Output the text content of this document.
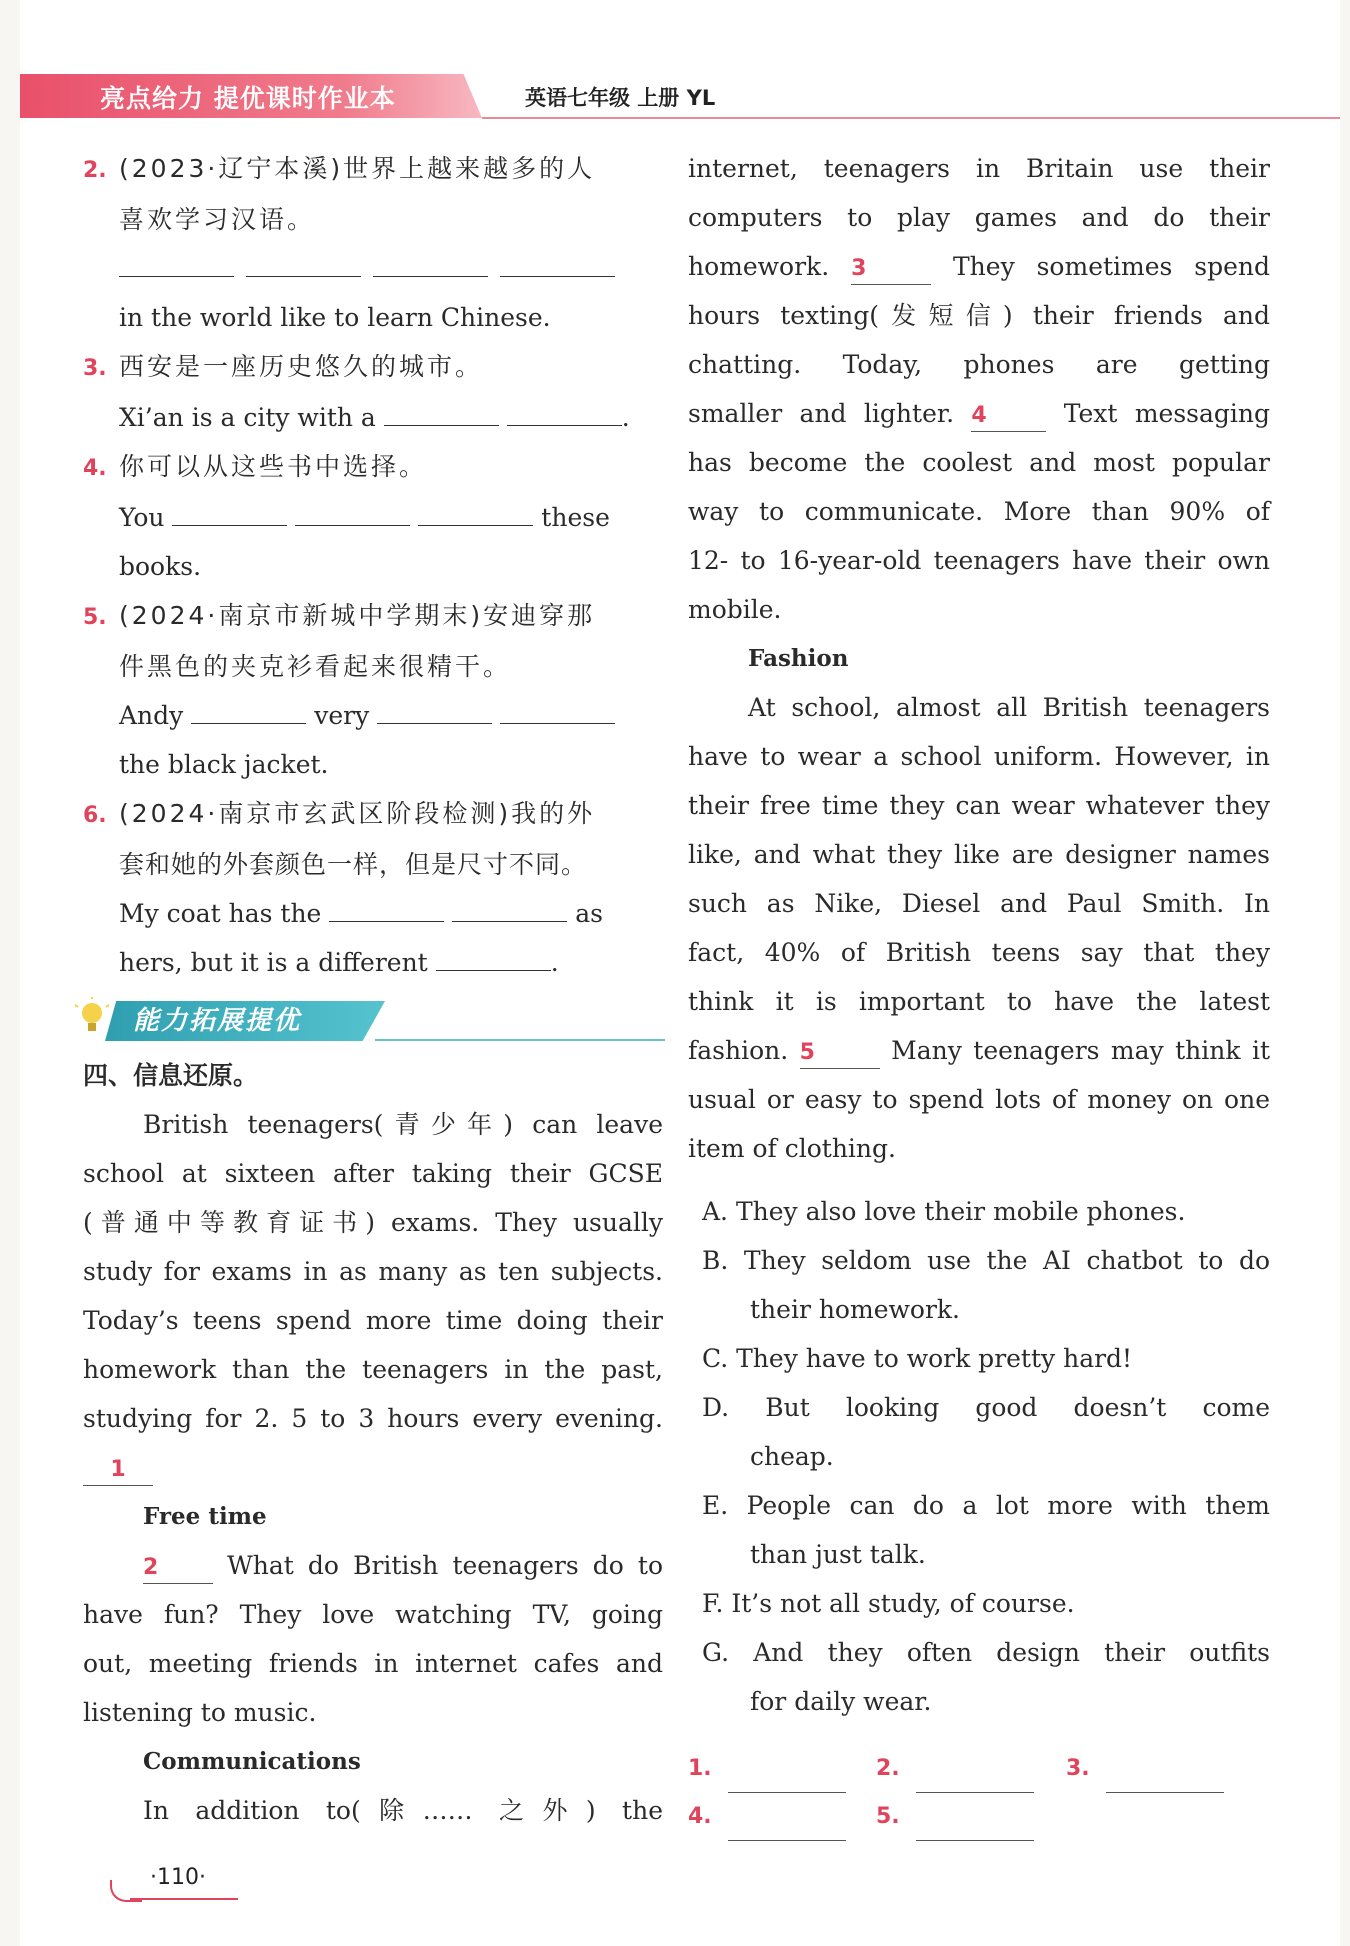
亮点给力 提优课时作业本	英语七年级 上册 YL
2. (2023·辽宁本溪)世界上越来越多的人
喜欢学习汉语。
in the world like to learn Chinese.
3. 西安是一座历史悠久的城市。
Xi’an is a city with a	.
4. 你可以从这些书中选择。
You	these
books.
5. (2024·南京市新城中学期末)安迪穿那
件黑色的夹克衫看起来很精干。
Andy	very
the black jacket.
6. (2024·南京市玄武区阶段检测)我的外
套和她的外套颜色一样，但是尺寸不同。
My coat has the	as
hers, but it is a different	.
能力拓展提优
四、信息还原。
British teenagers(青少年) can leave
school at sixteen after taking their GCSE
(普通中等教育证书) exams. They usually
study for exams in as many as ten subjects.
Today’s teens spend more time doing their
homework than the teenagers in the past,
studying for 2. 5 to 3 hours every evening.
1
Free time
2	What do British teenagers do to
have fun? They love watching TV, going
out, meeting friends in internet cafes and
listening to music.
Communications
In addition to(除…… 之外) the
internet, teenagers in Britain use their
computers to play games and do their
homework. 3	They sometimes spend
hours texting(发短信) their friends and
chatting. Today, phones are getting
smaller and lighter. 4	Text messaging
has become the coolest and most popular
way to communicate. More than 90% of
12- to 16-year-old teenagers have their own
mobile.
Fashion
At school, almost all British teenagers
have to wear a school uniform. However, in
their free time they can wear whatever they
like, and what they like are designer names
such as Nike, Diesel and Paul Smith. In
fact, 40% of British teens say that they
think it is important to have the latest
fashion. 5	Many teenagers may think it
usual or easy to spend lots of money on one
item of clothing.
A. They also love their mobile phones.
B. They seldom use the AI chatbot to do
their homework.
C. They have to work pretty hard!
D. But looking good doesn’t come
cheap.
E. People can do a lot more with them
than just talk.
F. It’s not all study, of course.
G. And they often design their outfits
for daily wear.
1.	2.	3.
4.	5.
·110·
